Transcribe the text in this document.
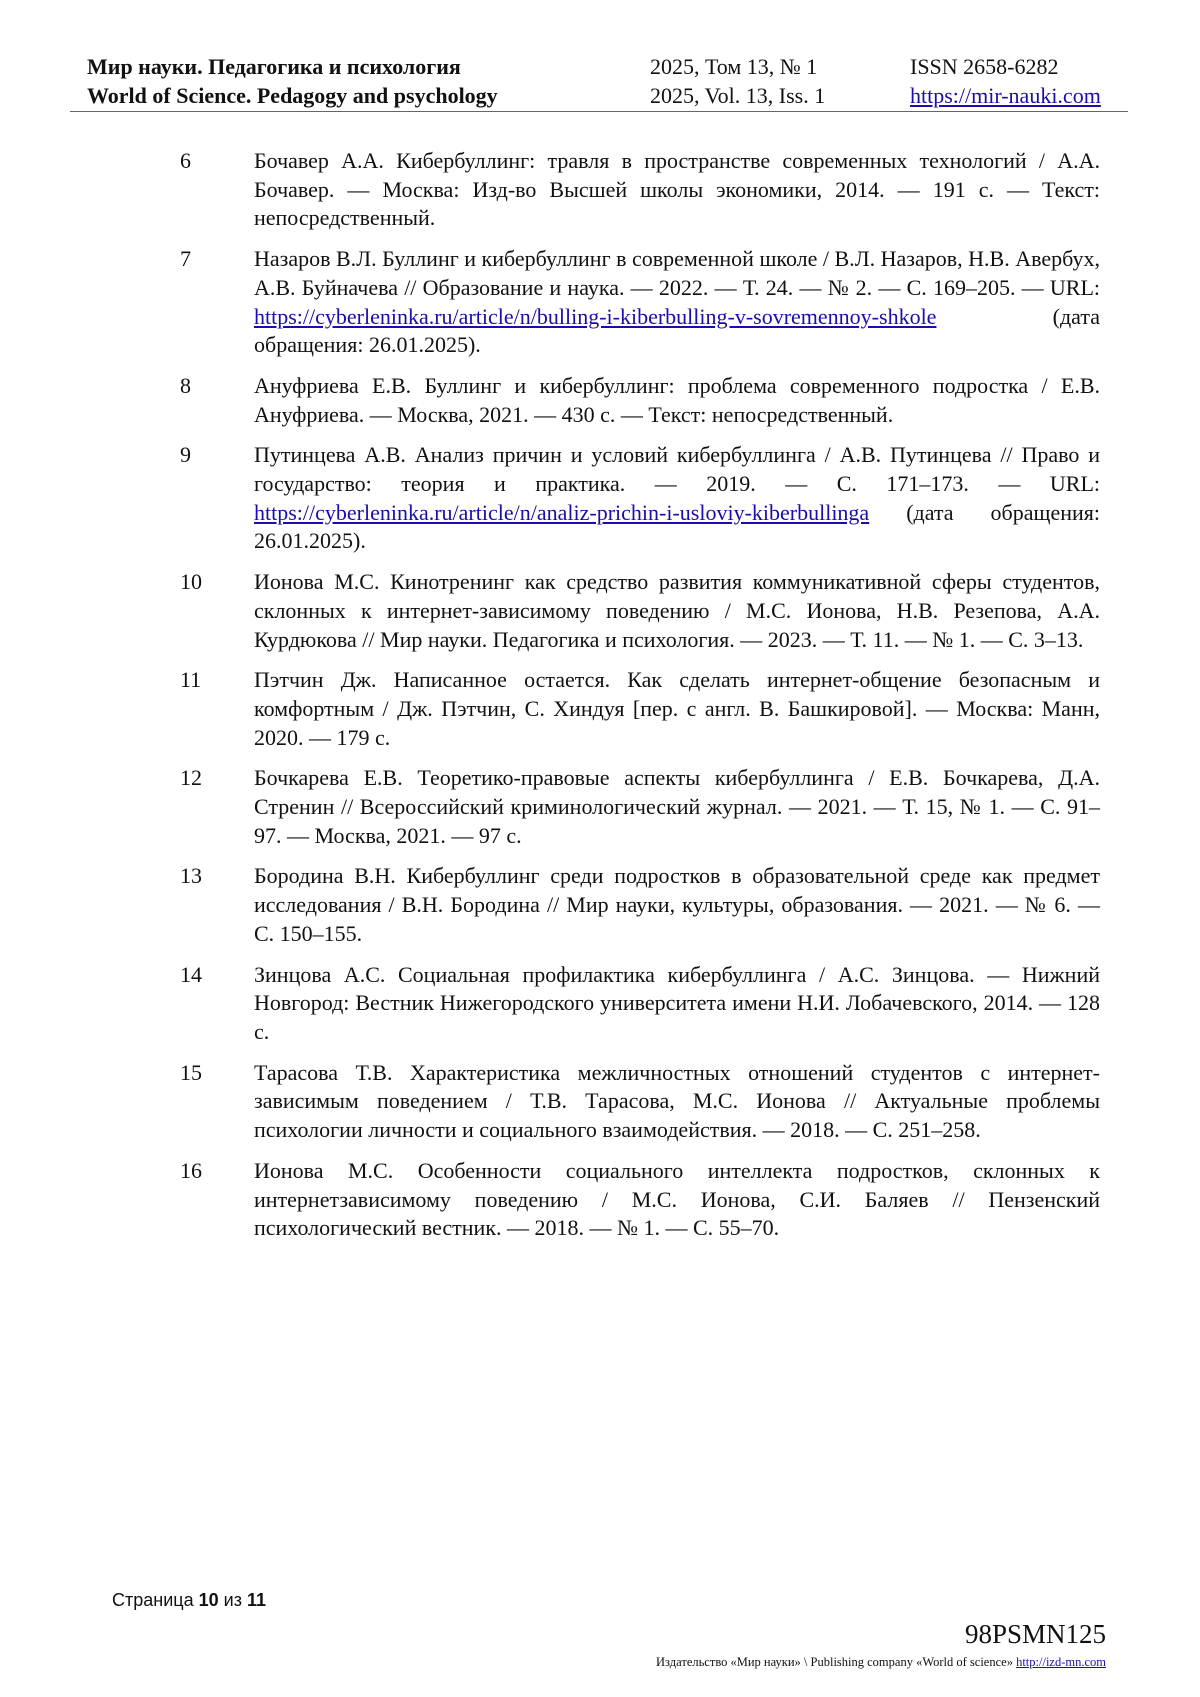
Мир науки. Педагогика и психология	2025, Том 13, № 1	ISSN 2658-6282
World of Science. Pedagogy and psychology	2025, Vol. 13, Iss. 1	https://mir-nauki.com
6	Бочавер А.А. Кибербуллинг: травля в пространстве современных технологий / А.А. Бочавер. — Москва: Изд-во Высшей школы экономики, 2014. — 191 с. — Текст: непосредственный.
7	Назаров В.Л. Буллинг и кибербуллинг в современной школе / В.Л. Назаров, Н.В. Авербух, А.В. Буйначева // Образование и наука. — 2022. — Т. 24. — № 2. — С. 169–205. — URL: https://cyberleninka.ru/article/n/bulling-i-kiberbulling-v-sovremennoy-shkole (дата обращения: 26.01.2025).
8	Ануфриева Е.В. Буллинг и кибербуллинг: проблема современного подростка / Е.В. Ануфриева. — Москва, 2021. — 430 с. — Текст: непосредственный.
9	Путинцева А.В. Анализ причин и условий кибербуллинга / А.В. Путинцева // Право и государство: теория и практика. — 2019. — С. 171–173. — URL: https://cyberleninka.ru/article/n/analiz-prichin-i-usloviy-kiberbullinga (дата обращения: 26.01.2025).
10 Ионова М.С. Кинотренинг как средство развития коммуникативной сферы студентов, склонных к интернет-зависимому поведению / М.С. Ионова, Н.В. Резепова, А.А. Курдюкова // Мир науки. Педагогика и психология. — 2023. — Т. 11. — № 1. — С. 3–13.
11 Пэтчин Дж. Написанное остается. Как сделать интернет-общение безопасным и комфортным / Дж. Пэтчин, С. Хиндуя [пер. с англ. В. Башкировой]. — Москва: Манн, 2020. — 179 с.
12 Бочкарева Е.В. Теоретико-правовые аспекты кибербуллинга / Е.В. Бочкарева, Д.А. Стренин // Всероссийский криминологический журнал. — 2021. — Т. 15, № 1. — С. 91–97. — Москва, 2021. — 97 с.
13 Бородина В.Н. Кибербуллинг среди подростков в образовательной среде как предмет исследования / В.Н. Бородина // Мир науки, культуры, образования. — 2021. — № 6. — С. 150–155.
14 Зинцова А.С. Социальная профилактика кибербуллинга / А.С. Зинцова. — Нижний Новгород: Вестник Нижегородского университета имени Н.И. Лобачевского, 2014. — 128 с.
15 Тарасова Т.В. Характеристика межличностных отношений студентов с интернет-зависимым поведением / Т.В. Тарасова, М.С. Ионова // Актуальные проблемы психологии личности и социального взаимодействия. — 2018. — С. 251–258.
16 Ионова М.С. Особенности социального интеллекта подростков, склонных к интернетзависимому поведению / М.С. Ионова, С.И. Баляев // Пензенский психологический вестник. — 2018. — № 1. — С. 55–70.
Страница 10 из 11
98PSMN125
Издательство «Мир науки» \ Publishing company «World of science» http://izd-mn.com
